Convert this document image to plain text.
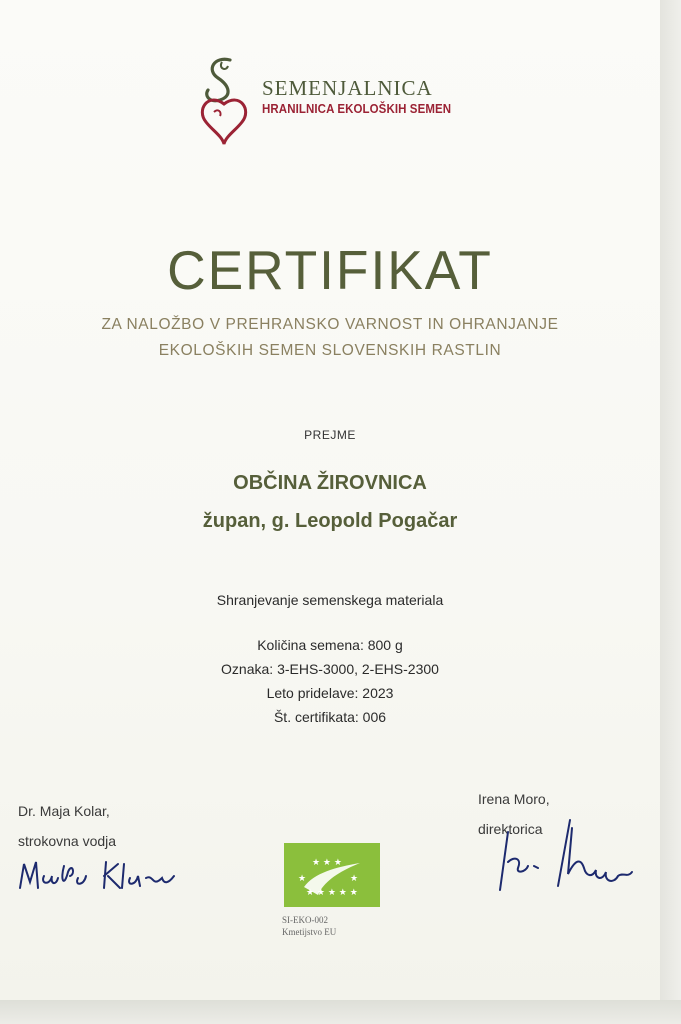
SEMENJALNICA
HRANILNICA EKOLOŠKIH SEMEN
CERTIFIKAT
ZA NALOŽBO V PREHRANSKO VARNOST IN OHRANJANJE
EKOLOŠKIH SEMEN SLOVENSKIH RASTLIN
PREJME
OBČINA ŽIROVNICA
župan, g. Leopold Pogačar
Shranjevanje semenskega materiala
Količina semena: 800 g
Oznaka: 3-EHS-3000, 2-EHS-2300
Leto pridelave: 2023
Št. certifikata: 006
Dr. Maja Kolar,
strokovna vodja
Irena Moro,
direktorica
★ ★ ★
★	★
★ ★ ★ ★ ★
SI-EKO-002
Kmetijstvo EU
